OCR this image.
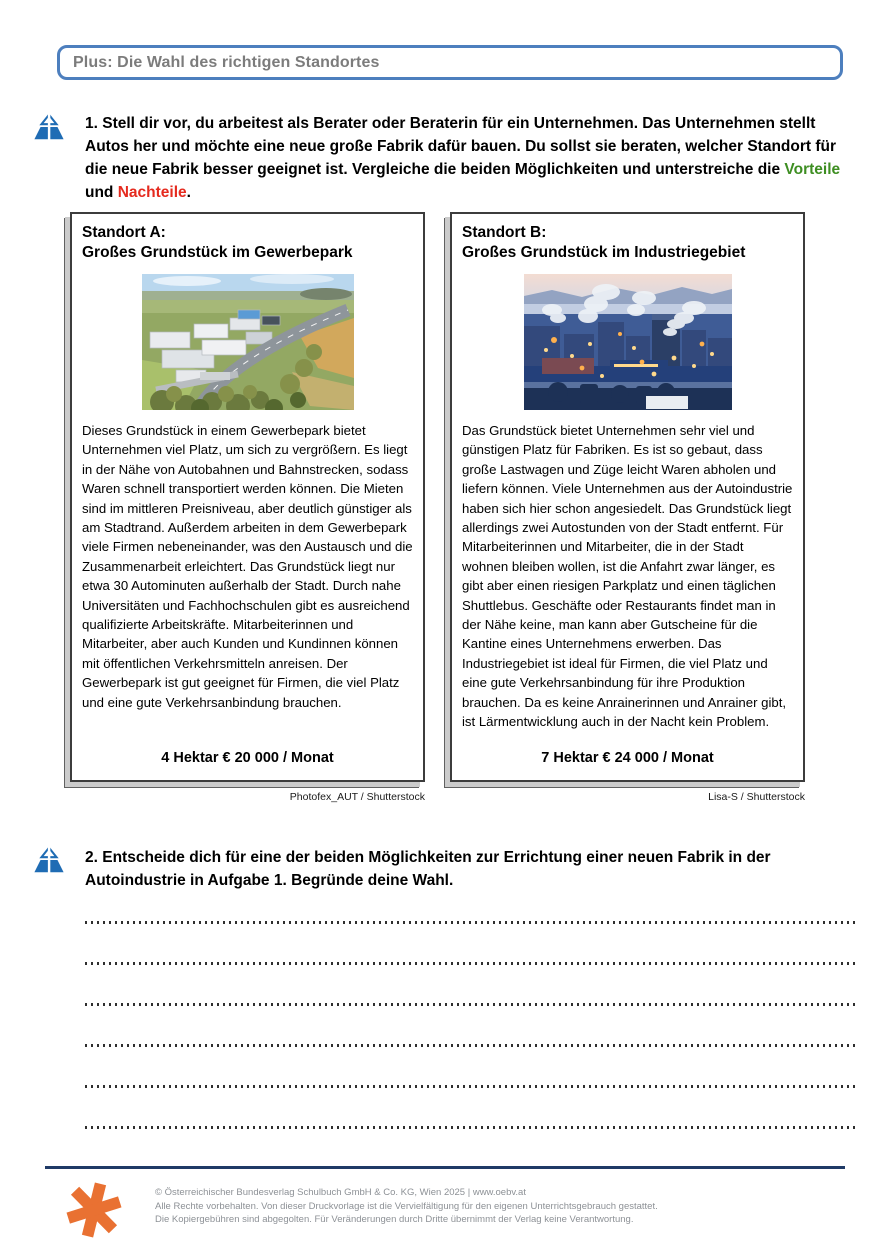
Plus: Die Wahl des richtigen Standortes
1. Stell dir vor, du arbeitest als Berater oder Beraterin für ein Unternehmen. Das Unternehmen stellt Autos her und möchte eine neue große Fabrik dafür bauen. Du sollst sie beraten, welcher Standort für die neue Fabrik besser geeignet ist. Vergleiche die beiden Möglichkeiten und unterstreiche die Vorteile und Nachteile.
Standort A:
Großes Grundstück im Gewerbepark
Dieses Grundstück in einem Gewerbepark bietet Unternehmen viel Platz, um sich zu vergrößern. Es liegt in der Nähe von Autobahnen und Bahnstrecken, sodass Waren schnell transportiert werden können. Die Mieten sind im mittleren Preisniveau, aber deutlich günstiger als am Stadtrand. Außerdem arbeiten in dem Gewerbepark viele Firmen nebeneinander, was den Austausch und die Zusammenarbeit erleichtert. Das Grundstück liegt nur etwa 30 Autominuten außerhalb der Stadt. Durch nahe Universitäten und Fachhochschulen gibt es ausreichend qualifizierte Arbeitskräfte. Mitarbeiterinnen und Mitarbeiter, aber auch Kunden und Kundinnen können mit öffentlichen Verkehrsmitteln anreisen. Der Gewerbepark ist gut geeignet für Firmen, die viel Platz und eine gute Verkehrsanbindung brauchen.
4 Hektar € 20 000 / Monat
Standort B:
Großes Grundstück im Industriegebiet
Das Grundstück bietet Unternehmen sehr viel und günstigen Platz für Fabriken. Es ist so gebaut, dass große Lastwagen und Züge leicht Waren abholen und liefern können. Viele Unternehmen aus der Autoindustrie haben sich hier schon angesiedelt. Das Grundstück liegt allerdings zwei Autostunden von der Stadt entfernt. Für Mitarbeiterinnen und Mitarbeiter, die in der Stadt wohnen bleiben wollen, ist die Anfahrt zwar länger, es gibt aber einen riesigen Parkplatz und einen täglichen Shuttlebus. Geschäfte oder Restaurants findet man in der Nähe keine, man kann aber Gutscheine für die Kantine eines Unternehmens erwerben. Das Industriegebiet ist ideal für Firmen, die viel Platz und eine gute Verkehrsanbindung für ihre Produktion brauchen. Da es keine Anrainerinnen und Anrainer gibt, ist Lärmentwicklung auch in der Nacht kein Problem.
7 Hektar € 24 000 / Monat
Photofex_AUT / Shutterstock	Lisa-S / Shutterstock
2. Entscheide dich für eine der beiden Möglichkeiten zur Errichtung einer neuen Fabrik in der Autoindustrie in Aufgabe 1. Begründe deine Wahl.
© Österreichischer Bundesverlag Schulbuch GmbH & Co. KG, Wien 2025 | www.oebv.at
Alle Rechte vorbehalten. Von dieser Druckvorlage ist die Vervielfältigung für den eigenen Unterrichtsgebrauch gestattet.
Die Kopiergebühren sind abgegolten. Für Veränderungen durch Dritte übernimmt der Verlag keine Verantwortung.
